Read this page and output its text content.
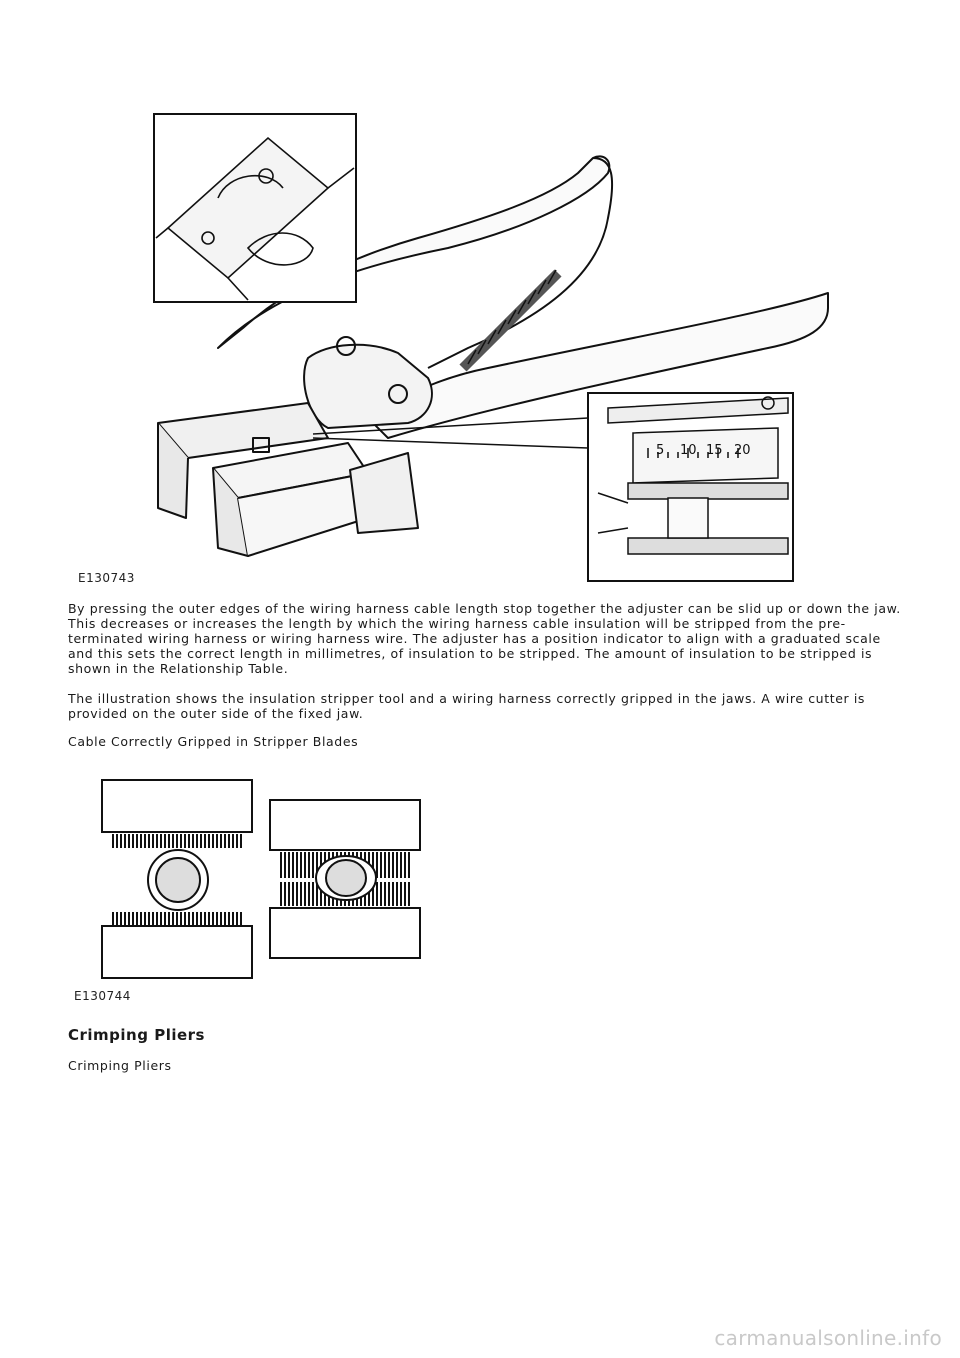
5 10 15 20
E130743

By pressing the outer edges of the wiring harness cable length stop together the adjuster can be slid up or down the jaw. This decreases or increases the length by which the wiring harness cable insulation will be stripped from the pre-terminated wiring harness or wiring harness wire. The adjuster has a position indicator to align with a graduated scale and this sets the correct length in millimetres, of insulation to be stripped. The amount of insulation to be stripped is shown in the Relationship Table.

The illustration shows the insulation stripper tool and a wiring harness correctly gripped in the jaws. A wire cutter is provided on the outer side of the fixed jaw.

Cable Correctly Gripped in Stripper Blades

E130744
Crimping Pliers

Crimping Pliers

carmanualsonline.info
